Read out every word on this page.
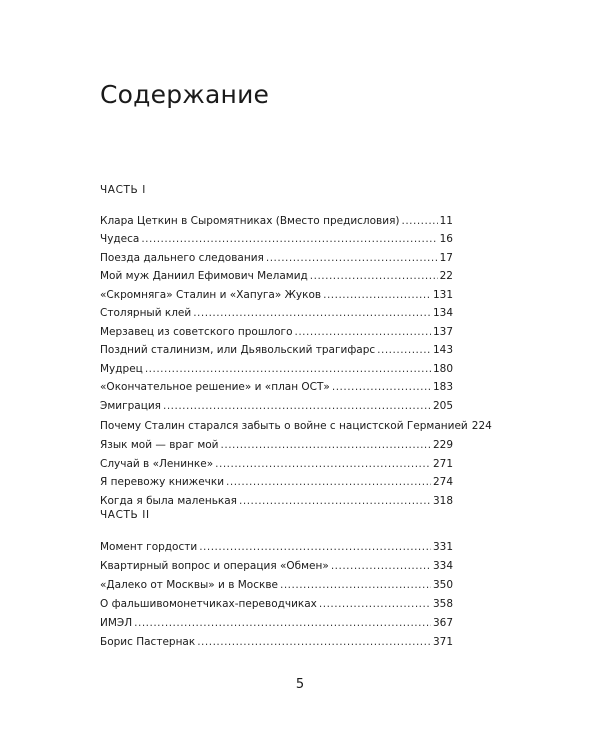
Содержание
ЧАСТЬ I
Клара Цеткин в Сыромятниках (Вместо предисловия) .....	11
Чудеса .....	16
Поезда дальнего следования .....	17
Мой муж Даниил Ефимович Меламид .....	22
«Скромняга» Сталин и «Хапуга» Жуков .....	131
Столярный клей .....	134
Мерзавец из советского прошлого .....	137
Поздний сталинизм, или Дьявольский трагифарс .....	143
Мудрец .....	180
«Окончательное решение» и «план ОСТ» .....	183
Эмиграция .....	205
Почему Сталин старался забыть о войне с нацистской Германией 224
Язык мой — враг мой .....	229
Случай в «Ленинке» .....	271
Я перевожу книжечки .....	274
Когда я была маленькая .....	318
ЧАСТЬ II
Момент гордости .....	331
Квартирный вопрос и операция «Обмен» .....	334
«Далеко от Москвы» и в Москве .....	350
О фальшивомонетчиках-переводчиках .....	358
ИМЭЛ .....	367
Борис Пастернак .....	371
5
